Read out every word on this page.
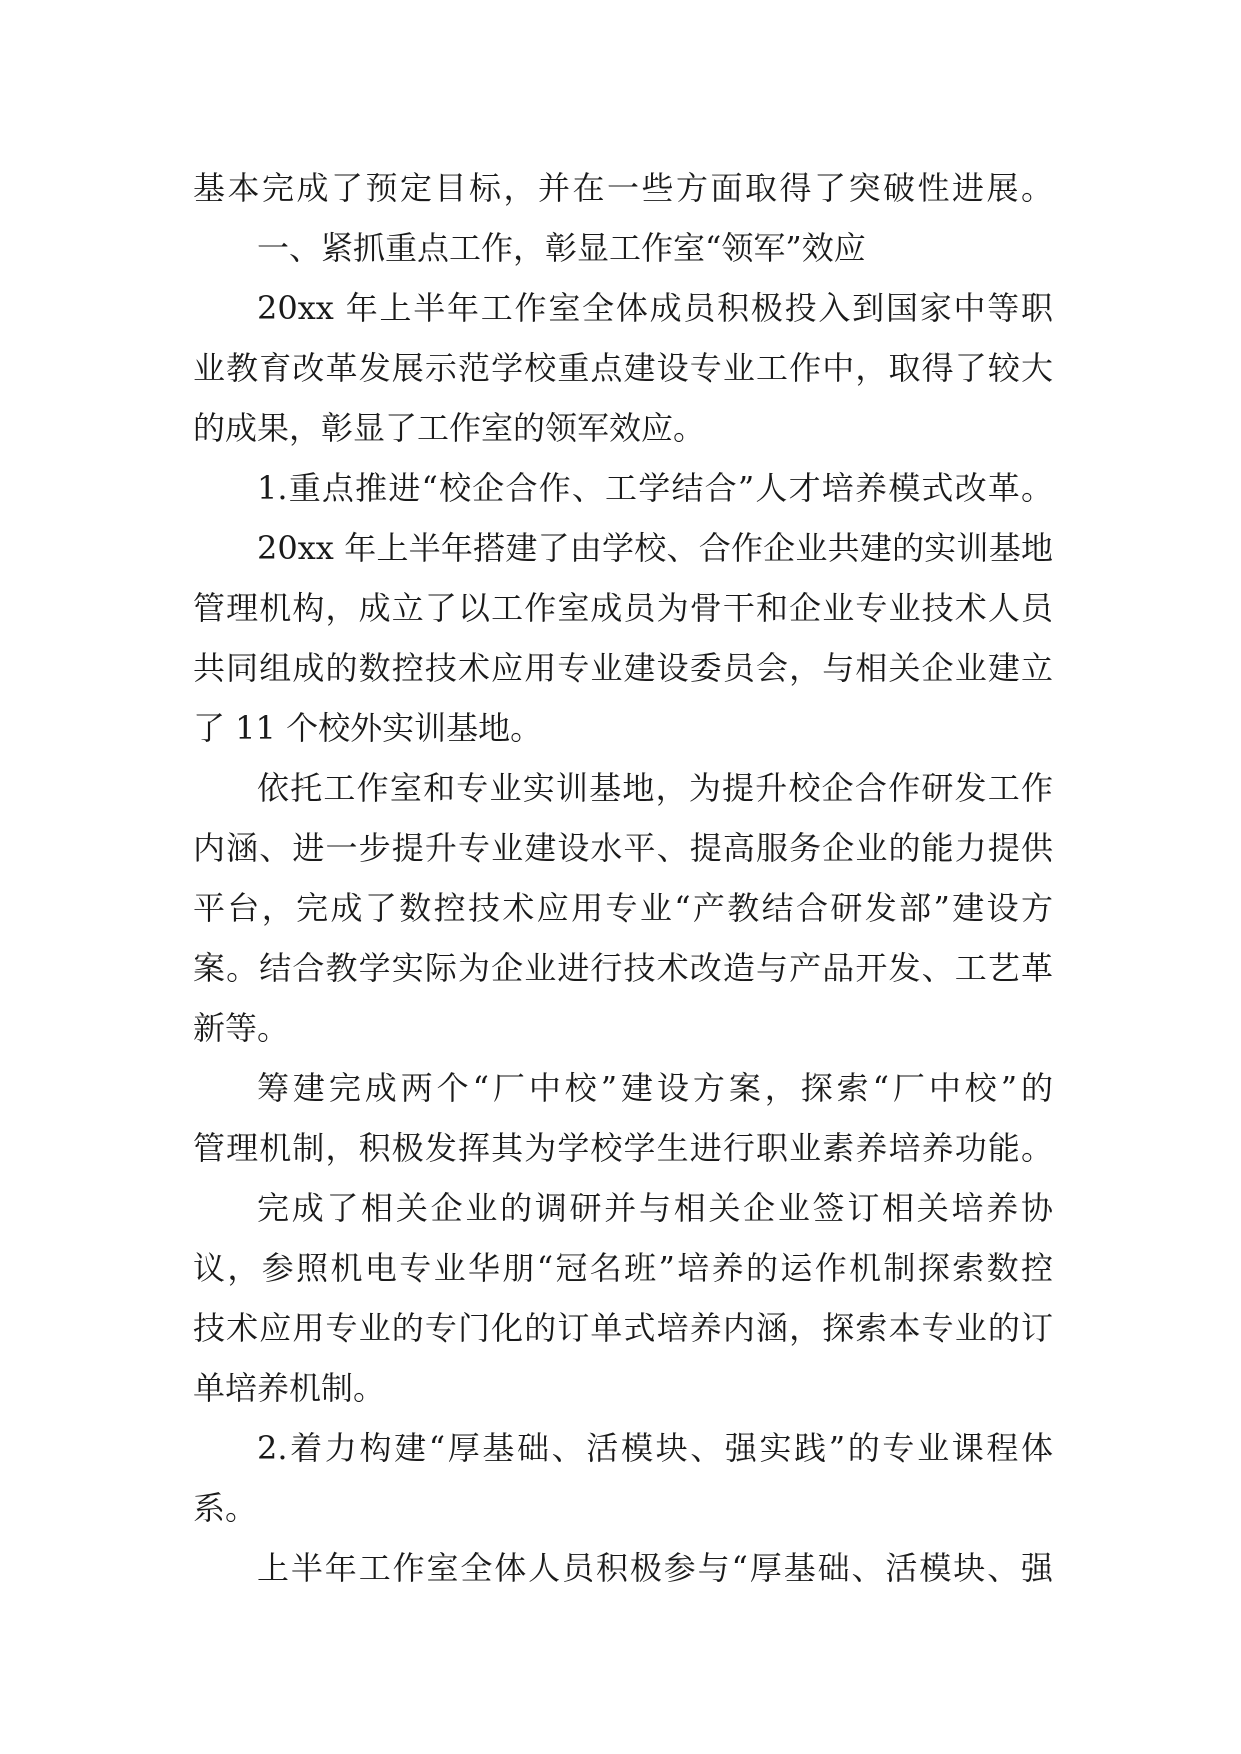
基本完成了预定目标，并在一些方面取得了突破性进展。
一、紧抓重点工作，彰显工作室“领军”效应
20xx 年上半年工作室全体成员积极投入到国家中等职
业教育改革发展示范学校重点建设专业工作中，取得了较大
的成果，彰显了工作室的领军效应。
1.重点推进“校企合作、工学结合”人才培养模式改革。
20xx 年上半年搭建了由学校、合作企业共建的实训基地
管理机构，成立了以工作室成员为骨干和企业专业技术人员
共同组成的数控技术应用专业建设委员会，与相关企业建立
了 11 个校外实训基地。
依托工作室和专业实训基地，为提升校企合作研发工作
内涵、进一步提升专业建设水平、提高服务企业的能力提供
平台，完成了数控技术应用专业“产教结合研发部”建设方
案。结合教学实际为企业进行技术改造与产品开发、工艺革
新等。
筹建完成两个“厂中校”建设方案，探索“厂中校”的
管理机制，积极发挥其为学校学生进行职业素养培养功能。
完成了相关企业的调研并与相关企业签订相关培养协
议，参照机电专业华朋“冠名班”培养的运作机制探索数控
技术应用专业的专门化的订单式培养内涵，探索本专业的订
单培养机制。
2.着力构建“厚基础、活模块、强实践”的专业课程体
系。
上半年工作室全体人员积极参与“厚基础、活模块、强
